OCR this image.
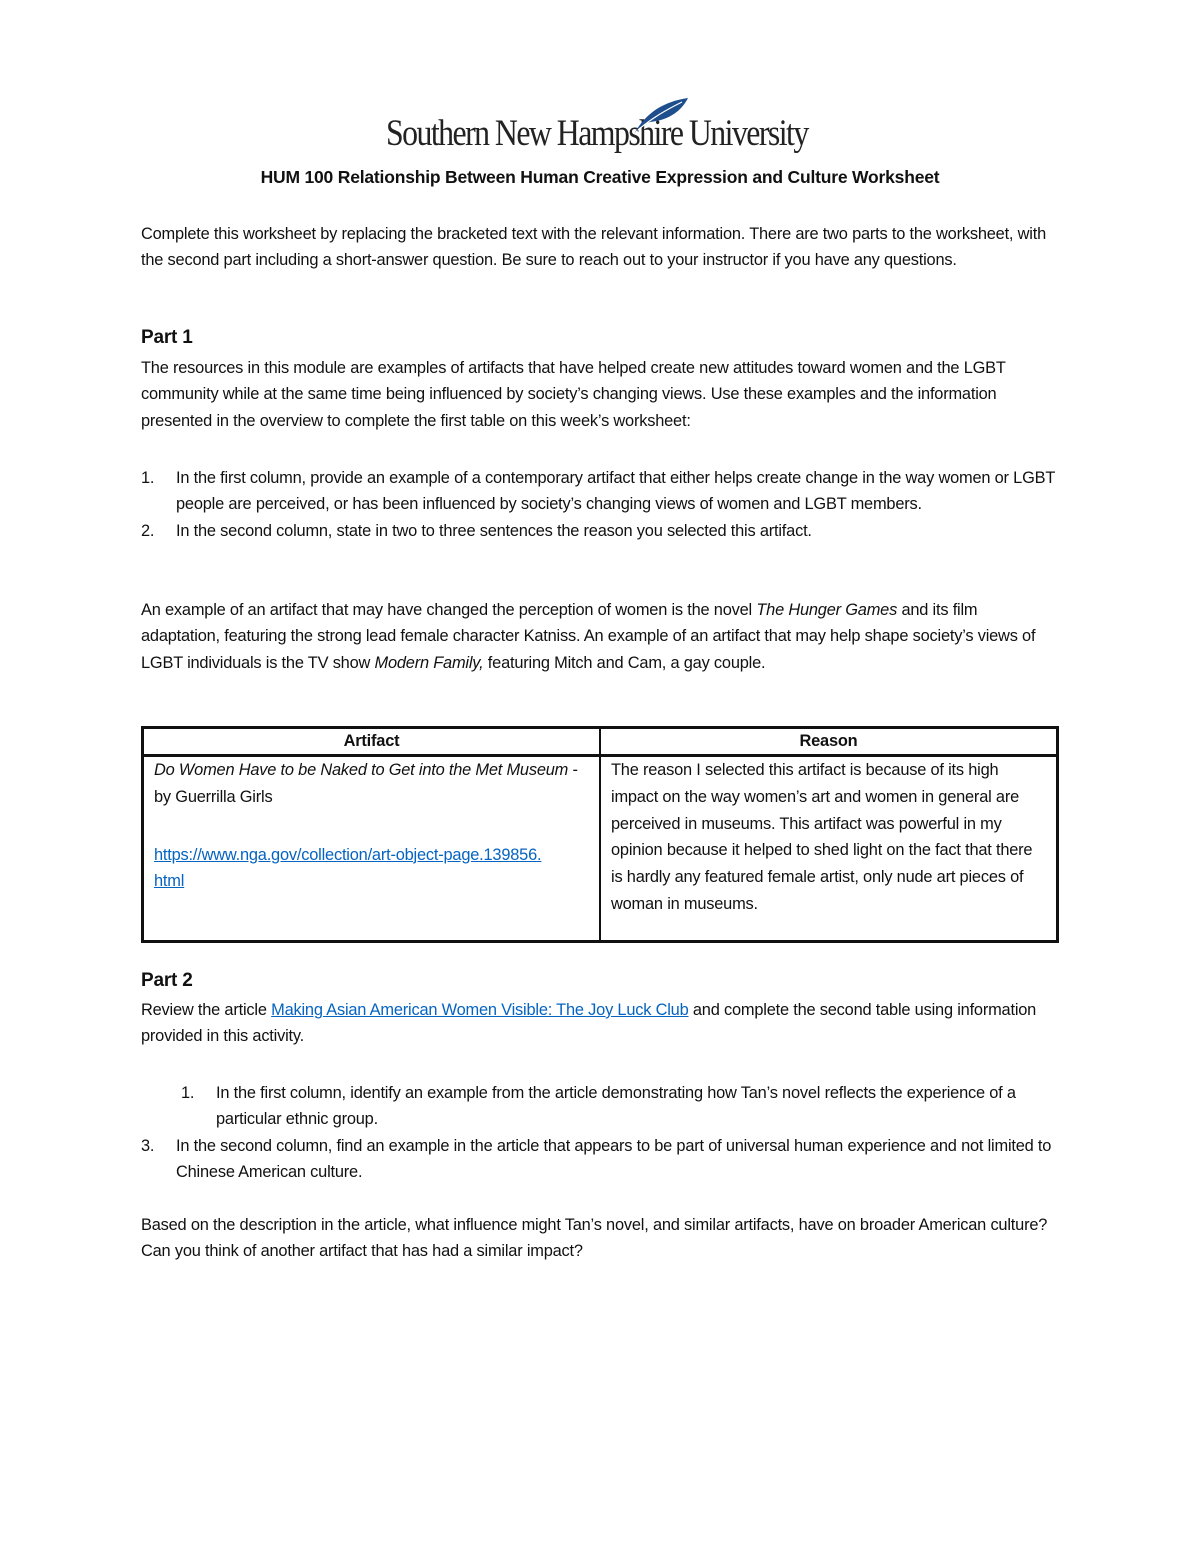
Southern New Hampshire University
HUM 100 Relationship Between Human Creative Expression and Culture Worksheet

Complete this worksheet by replacing the bracketed text with the relevant information. There are two parts to the worksheet, with the second part including a short-answer question. Be sure to reach out to your instructor if you have any questions.

Part 1

The resources in this module are examples of artifacts that have helped create new attitudes toward women and the LGBT community while at the same time being influenced by society’s changing views. Use these examples and the information presented in the overview to complete the first table on this week’s worksheet:

1. In the first column, provide an example of a contemporary artifact that either helps create change in the way women or LGBT people are perceived, or has been influenced by society’s changing views of women and LGBT members.
2. In the second column, state in two to three sentences the reason you selected this artifact.

An example of an artifact that may have changed the perception of women is the novel The Hunger Games and its film adaptation, featuring the strong lead female character Katniss. An example of an artifact that may help shape society’s views of LGBT individuals is the TV show Modern Family, featuring Mitch and Cam, a gay couple.

Artifact	Reason

Do Women Have to be Naked to Get into the Met Museum -by Guerrilla Girls
https://www.nga.gov/collection/art-object-page.139856.html	The reason I selected this artifact is because of its high impact on the way women’s art and women in general are perceived in museums. This artifact was powerful in my opinion because it helped to shed light on the fact that there is hardly any featured female artist, only nude art pieces of woman in museums.
Part 2

Review the article Making Asian American Women Visible: The Joy Luck Club and complete the second table using information provided in this activity.

1. In the first column, identify an example from the article demonstrating how Tan’s novel reflects the experience of a particular ethnic group.
3. In the second column, find an example in the article that appears to be part of universal human experience and not limited to Chinese American culture.

Based on the description in the article, what influence might Tan’s novel, and similar artifacts, have on broader American culture? Can you think of another artifact that has had a similar impact?
